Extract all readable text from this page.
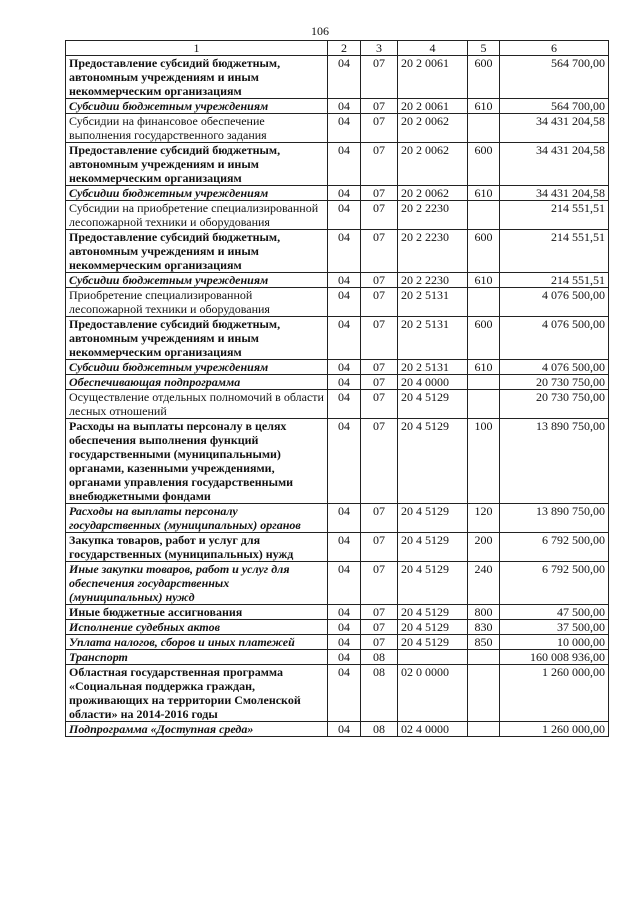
106
1	2	3	4	5	6
Предоставление субсидий бюджетным, автономным учреждениям и иным некоммерческим организациям	04	07	20 2 0061	600	564 700,00
Субсидии бюджетным учреждениям	04	07	20 2 0061	610	564 700,00
Субсидии на финансовое обеспечение выполнения государственного задания	04	07	20 2 0062		34 431 204,58
Предоставление субсидий бюджетным, автономным учреждениям и иным некоммерческим организациям	04	07	20 2 0062	600	34 431 204,58
Субсидии бюджетным учреждениям	04	07	20 2 0062	610	34 431 204,58
Субсидии на приобретение специализированной лесопожарной техники и оборудования	04	07	20 2 2230		214 551,51
Предоставление субсидий бюджетным, автономным учреждениям и иным некоммерческим организациям	04	07	20 2 2230	600	214 551,51
Субсидии бюджетным учреждениям	04	07	20 2 2230	610	214 551,51
Приобретение специализированной лесопожарной техники и оборудования	04	07	20 2 5131		4 076 500,00
Предоставление субсидий бюджетным, автономным учреждениям и иным некоммерческим организациям	04	07	20 2 5131	600	4 076 500,00
Субсидии бюджетным учреждениям	04	07	20 2 5131	610	4 076 500,00
Обеспечивающая подпрограмма	04	07	20 4 0000		20 730 750,00
Осуществление отдельных полномочий в области лесных отношений	04	07	20 4 5129		20 730 750,00
Расходы на выплаты персоналу в целях обеспечения выполнения функций государственными (муниципальными) органами, казенными учреждениями, органами управления государственными внебюджетными фондами	04	07	20 4 5129	100	13 890 750,00
Расходы на выплаты персоналу государственных (муниципальных) органов	04	07	20 4 5129	120	13 890 750,00
Закупка товаров, работ и услуг для государственных (муниципальных) нужд	04	07	20 4 5129	200	6 792 500,00
Иные закупки товаров, работ и услуг для обеспечения государственных (муниципальных) нужд	04	07	20 4 5129	240	6 792 500,00
Иные бюджетные ассигнования	04	07	20 4 5129	800	47 500,00
Исполнение судебных актов	04	07	20 4 5129	830	37 500,00
Уплата налогов, сборов и иных платежей	04	07	20 4 5129	850	10 000,00
Транспорт	04	08			160 008 936,00
Областная государственная программа «Социальная поддержка граждан, проживающих на территории Смоленской области» на 2014-2016 годы	04	08	02 0 0000		1 260 000,00
Подпрограмма «Доступная среда»	04	08	02 4 0000		1 260 000,00
